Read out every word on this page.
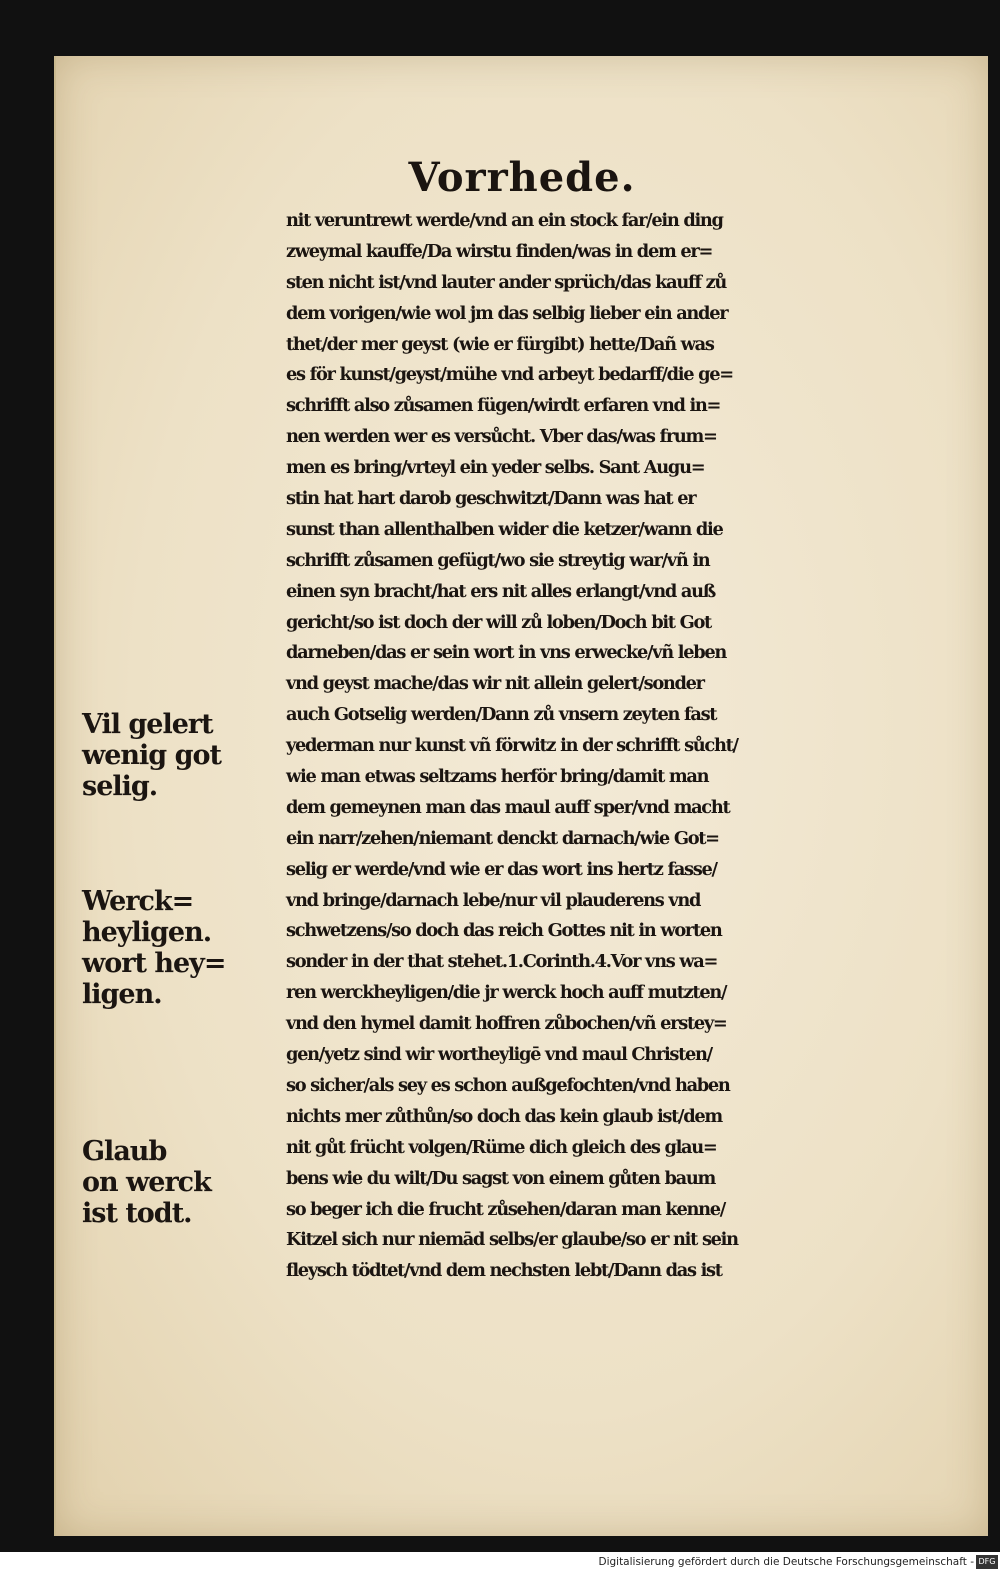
Vorrhede.
nit veruntrewt werde/vnd an ein stock far/ein ding
zweymal kauffe/Da wirstu finden/was in dem er=
sten nicht ist/vnd lauter ander sprüch/das kauff zů
dem vorigen/wie wol jm das selbig lieber ein ander
thet/der mer geyst (wie er fürgibt) hette/Dañ was
es för kunst/geyst/mühe vnd arbeyt bedarff/die ge=
schrifft also zůsamen fügen/wirdt erfaren vnd in=
nen werden wer es versůcht. Vber das/was frum=
men es bring/vrteyl ein yeder selbs. Sant Augu=
stin hat hart darob geschwitzt/Dann was hat er
sunst than allenthalben wider die ketzer/wann die
schrifft zůsamen gefügt/wo sie streytig war/vñ in
einen syn bracht/hat ers nit alles erlangt/vnd auß
gericht/so ist doch der will zů loben/Doch bit Got
darneben/das er sein wort in vns erwecke/vñ leben
vnd geyst mache/das wir nit allein gelert/sonder
auch Gotselig werden/Dann zů vnsern zeyten fast
yederman nur kunst vñ förwitz in der schrifft sůcht/
wie man etwas seltzams herför bring/damit man
dem gemeynen man das maul auff sper/vnd macht
ein narr/zehen/niemant denckt darnach/wie Got=
selig er werde/vnd wie er das wort ins hertz fasse/
vnd bringe/darnach lebe/nur vil plauderens vnd
schwetzens/so doch das reich Gottes nit in worten
sonder in der that stehet.1.Corinth.4.Vor vns wa=
ren werckheyligen/die jr werck hoch auff mutzten/
vnd den hymel damit hoffren zůbochen/vñ erstey=
gen/yetz sind wir wortheyligē vnd maul Christen/
so sicher/als sey es schon außgefochten/vnd haben
nichts mer zůthůn/so doch das kein glaub ist/dem
nit gůt frücht volgen/Rüme dich gleich des glau=
bens wie du wilt/Du sagst von einem gůten baum
so beger ich die frucht zůsehen/daran man kenne/
Kitzel sich nur niemād selbs/er glaube/so er nit sein
fleysch tödtet/vnd dem nechsten lebt/Dann das ist
Vil gelert
wenig got
selig.
Werck=
heyligen.
wort hey=
ligen.
Glaub
on werck
ist todt.
Digitalisierung gefördert durch die Deutsche Forschungsgemeinschaft - DFG
